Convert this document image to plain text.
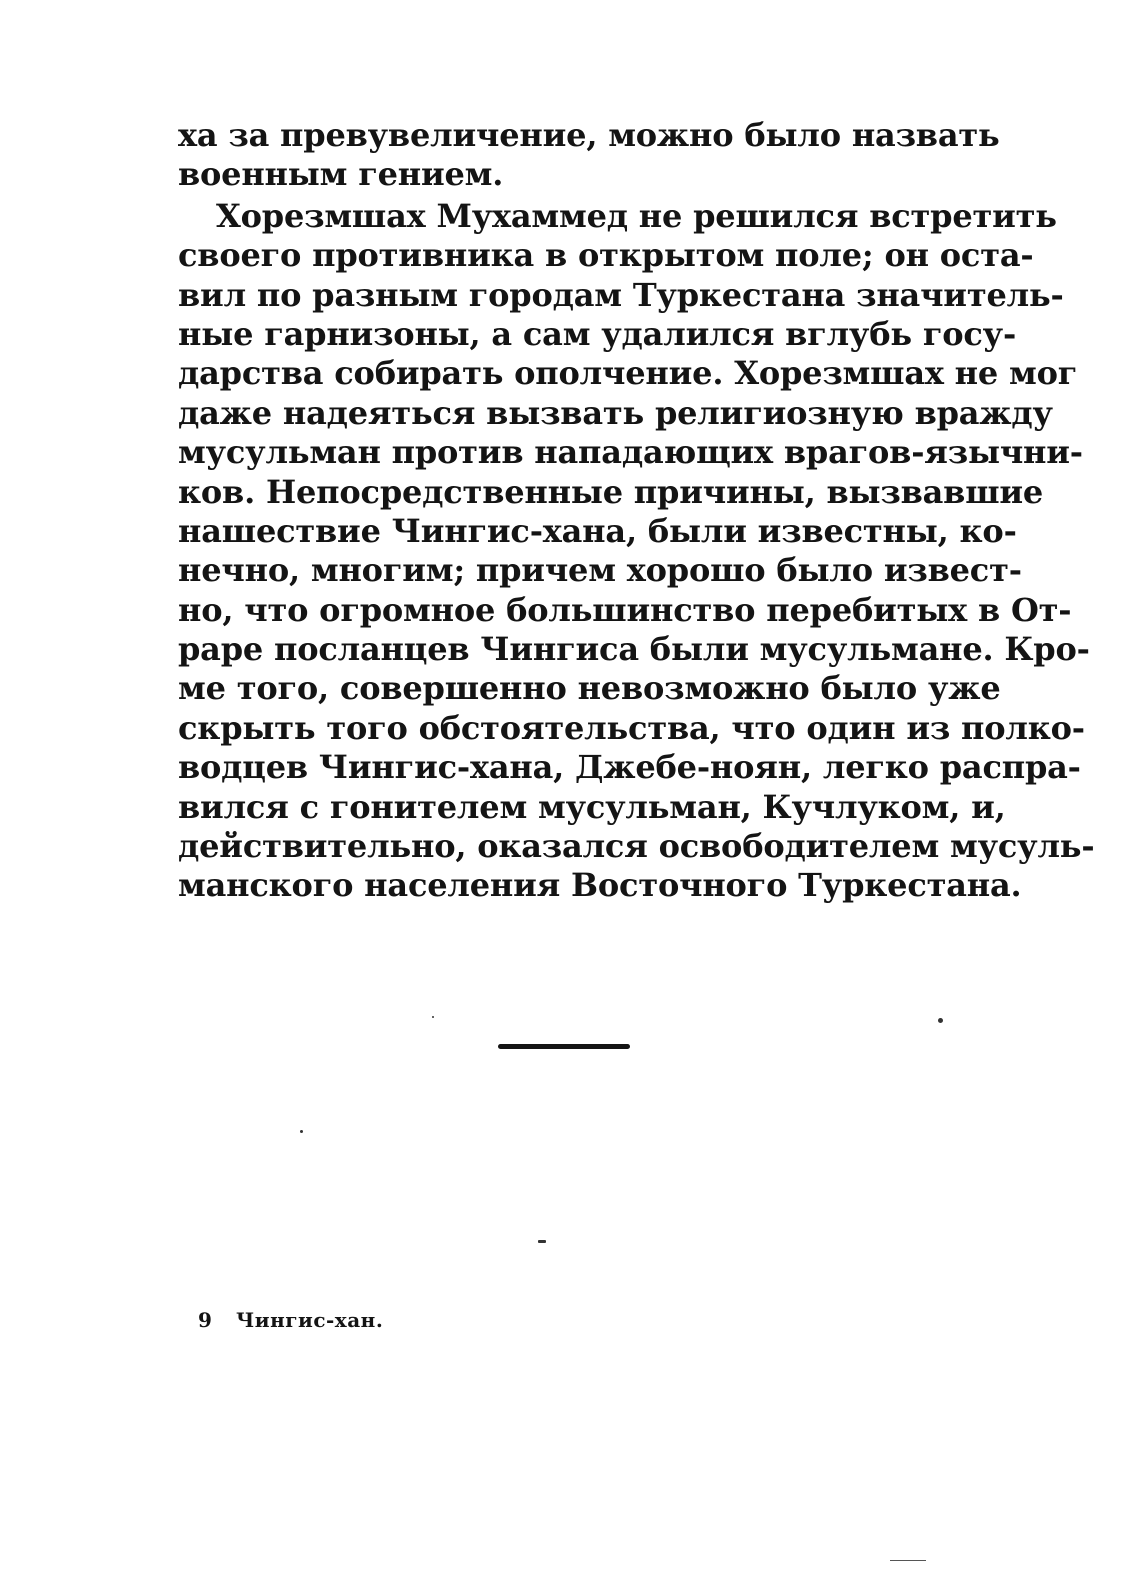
ха за превувеличение, можно было назвать
военным гением.
Хорезмшах Мухаммед не решился встретить
своего противника в открытом поле; он оста-
вил по разным городам Туркестана значитель-
ные гарнизоны, а сам удалился вглубь госу-
дарства собирать ополчение. Хорезмшах не мог
даже надеяться вызвать религиозную вражду
мусульман против нападающих врагов-язычни-
ков. Непосредственные причины, вызвавшие
нашествие Чингис-хана, были известны, ко-
нечно, многим; причем хорошо было извест-
но, что огромное большинство перебитых в От-
раре посланцев Чингиса были мусульмане. Кро-
ме того, совершенно невозможно было уже
скрыть того обстоятельства, что один из полко-
водцев Чингис-хана, Джебе-ноян, легко распра-
вился с гонителем мусульман, Кучлуком, и,
действительно, оказался освободителем мусуль-
манского населения Восточного Туркестана.
9 Чингис-хан.
